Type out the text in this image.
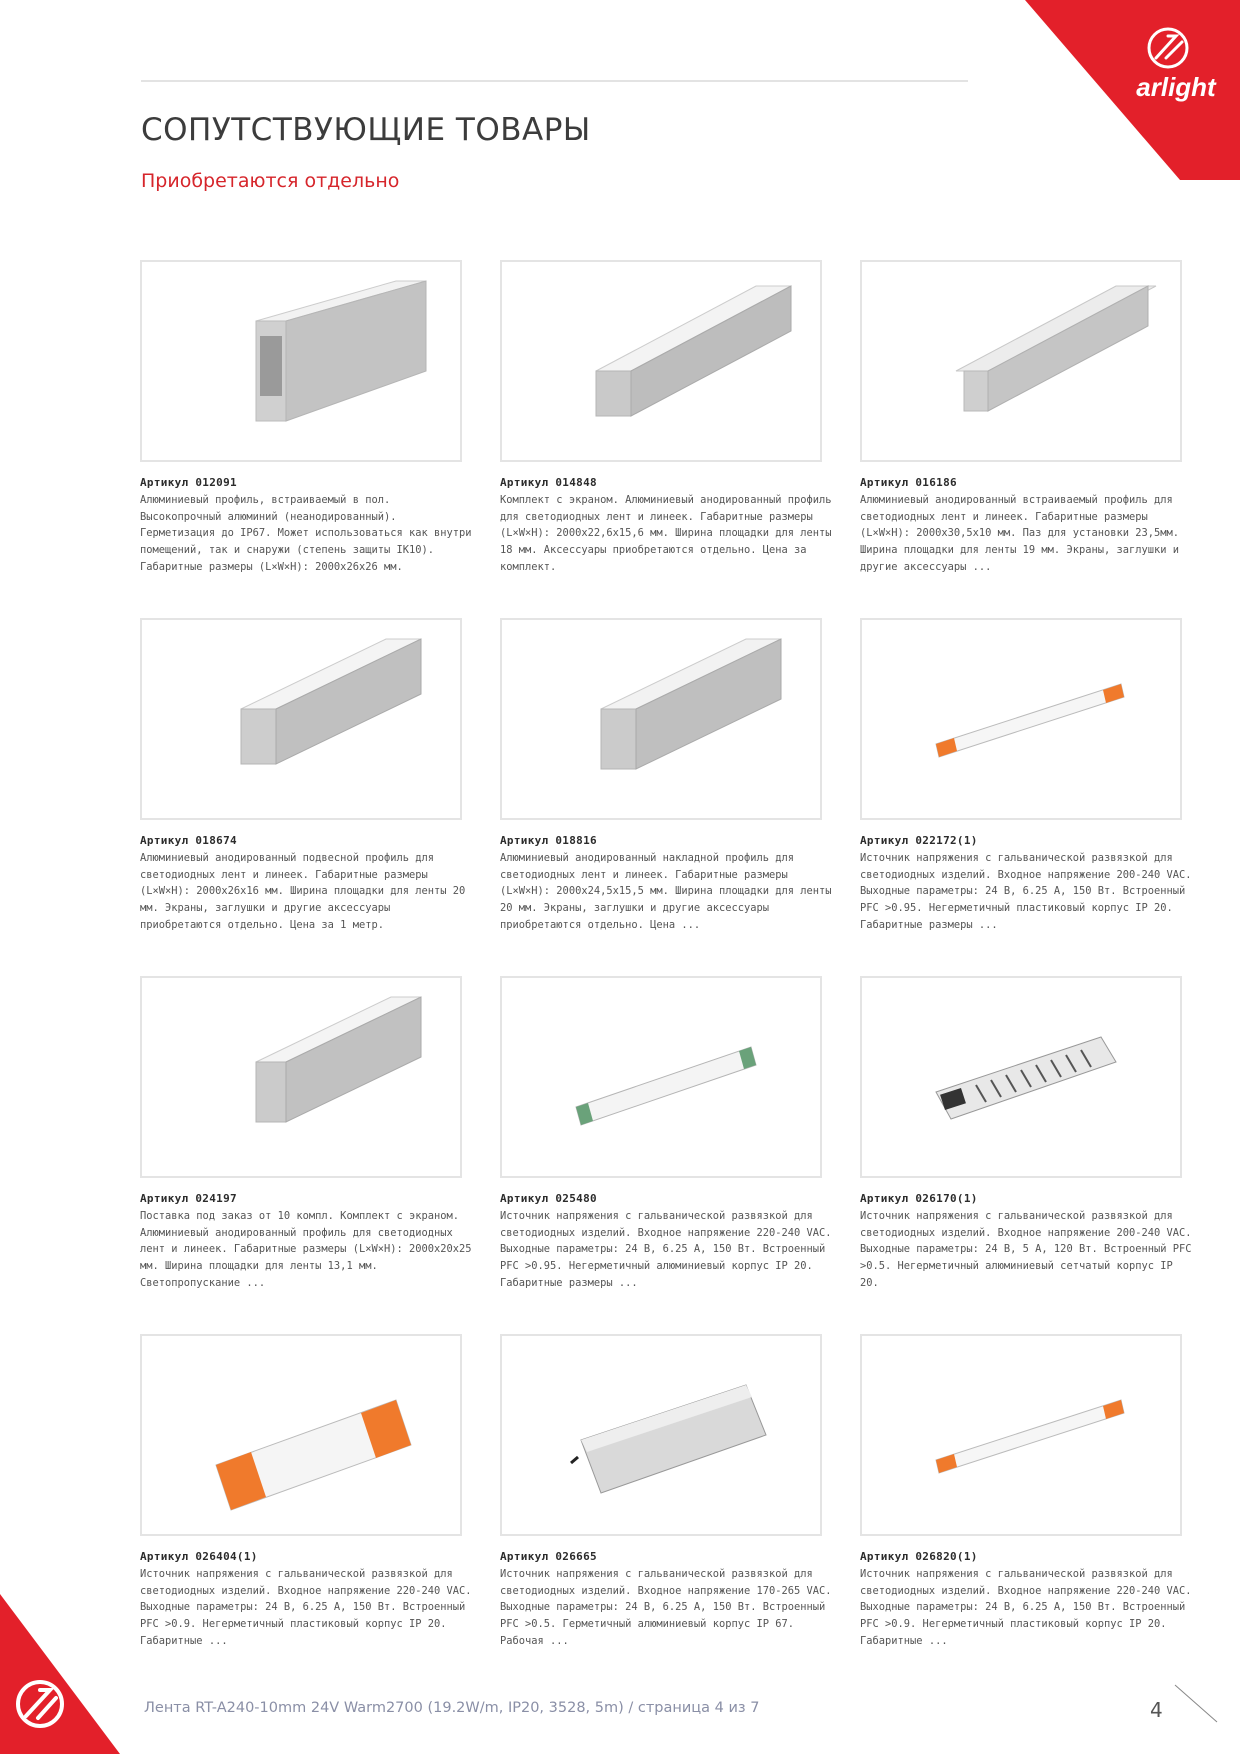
arlight
СОПУТСТВУЮЩИЕ ТОВАРЫ
Приобретаются отдельно
Артикул 012091
Алюминиевый профиль, встраиваемый в пол. Высокопрочный алюминий (неанодированный). Герметизация до IP67. Может использоваться как внутри помещений, так и снаружи (степень защиты IK10). Габаритные размеры (L×W×H): 2000x26x26 мм.
Артикул 014848
Комплект с экраном. Алюминиевый анодированный профиль для светодиодных лент и линеек. Габаритные размеры (L×W×H): 2000x22,6x15,6 мм. Ширина площадки для ленты 18 мм. Аксессуары приобретаются отдельно. Цена за комплект.
Артикул 016186
Алюминиевый анодированный встраиваемый профиль для светодиодных лент и линеек. Габаритные размеры (L×W×H): 2000x30,5x10 мм. Паз для установки 23,5мм. Ширина площадки для ленты 19 мм. Экраны, заглушки и другие аксессуары ...
Артикул 018674
Алюминиевый анодированный подвесной профиль для светодиодных лент и линеек. Габаритные размеры (L×W×H): 2000x26x16 мм. Ширина площадки для ленты 20 мм. Экраны, заглушки и другие аксессуары приобретаются отдельно. Цена за 1 метр.
Артикул 018816
Алюминиевый анодированный накладной профиль для светодиодных лент и линеек. Габаритные размеры (L×W×H): 2000x24,5x15,5 мм. Ширина площадки для ленты 20 мм. Экраны, заглушки и другие аксессуары приобретаются отдельно. Цена ...
Артикул 022172(1)
Источник напряжения с гальванической развязкой для светодиодных изделий. Входное напряжение 200-240 VAC. Выходные параметры: 24 В, 6.25 А, 150 Вт. Встроенный PFC >0.95. Негерметичный пластиковый корпус IP 20. Габаритные размеры ...
Артикул 024197
Поставка под заказ от 10 компл. Комплект с экраном. Алюминиевый анодированный профиль для светодиодных лент и линеек. Габаритные размеры (L×W×H): 2000x20x25 мм. Ширина площадки для ленты 13,1 мм. Светопропускание ...
Артикул 025480
Источник напряжения с гальванической развязкой для светодиодных изделий. Входное напряжение 220-240 VAC. Выходные параметры: 24 В, 6.25 А, 150 Вт. Встроенный PFC >0.95. Негерметичный алюминиевый корпус IP 20. Габаритные размеры ...
Артикул 026170(1)
Источник напряжения с гальванической развязкой для светодиодных изделий. Входное напряжение 200-240 VAC. Выходные параметры: 24 В, 5 А, 120 Вт. Встроенный PFC >0.5. Негерметичный алюминиевый сетчатый корпус IP 20.
Артикул 026404(1)
Источник напряжения с гальванической развязкой для светодиодных изделий. Входное напряжение 220-240 VAC. Выходные параметры: 24 В, 6.25 А, 150 Вт. Встроенный PFC >0.9. Негерметичный пластиковый корпус IP 20. Габаритные ...
Артикул 026665
Источник напряжения с гальванической развязкой для светодиодных изделий. Входное напряжение 170-265 VAC. Выходные параметры: 24 В, 6.25 А, 150 Вт. Встроенный PFC >0.5. Герметичный алюминиевый корпус IP 67. Рабочая ...
Артикул 026820(1)
Источник напряжения с гальванической развязкой для светодиодных изделий. Входное напряжение 220-240 VAC. Выходные параметры: 24 В, 6.25 А, 150 Вт. Встроенный PFC >0.9. Негерметичный пластиковый корпус IP 20. Габаритные ...
Лента RT-A240-10mm 24V Warm2700 (19.2W/m, IP20, 3528, 5m) / страница 4 из 7	4
